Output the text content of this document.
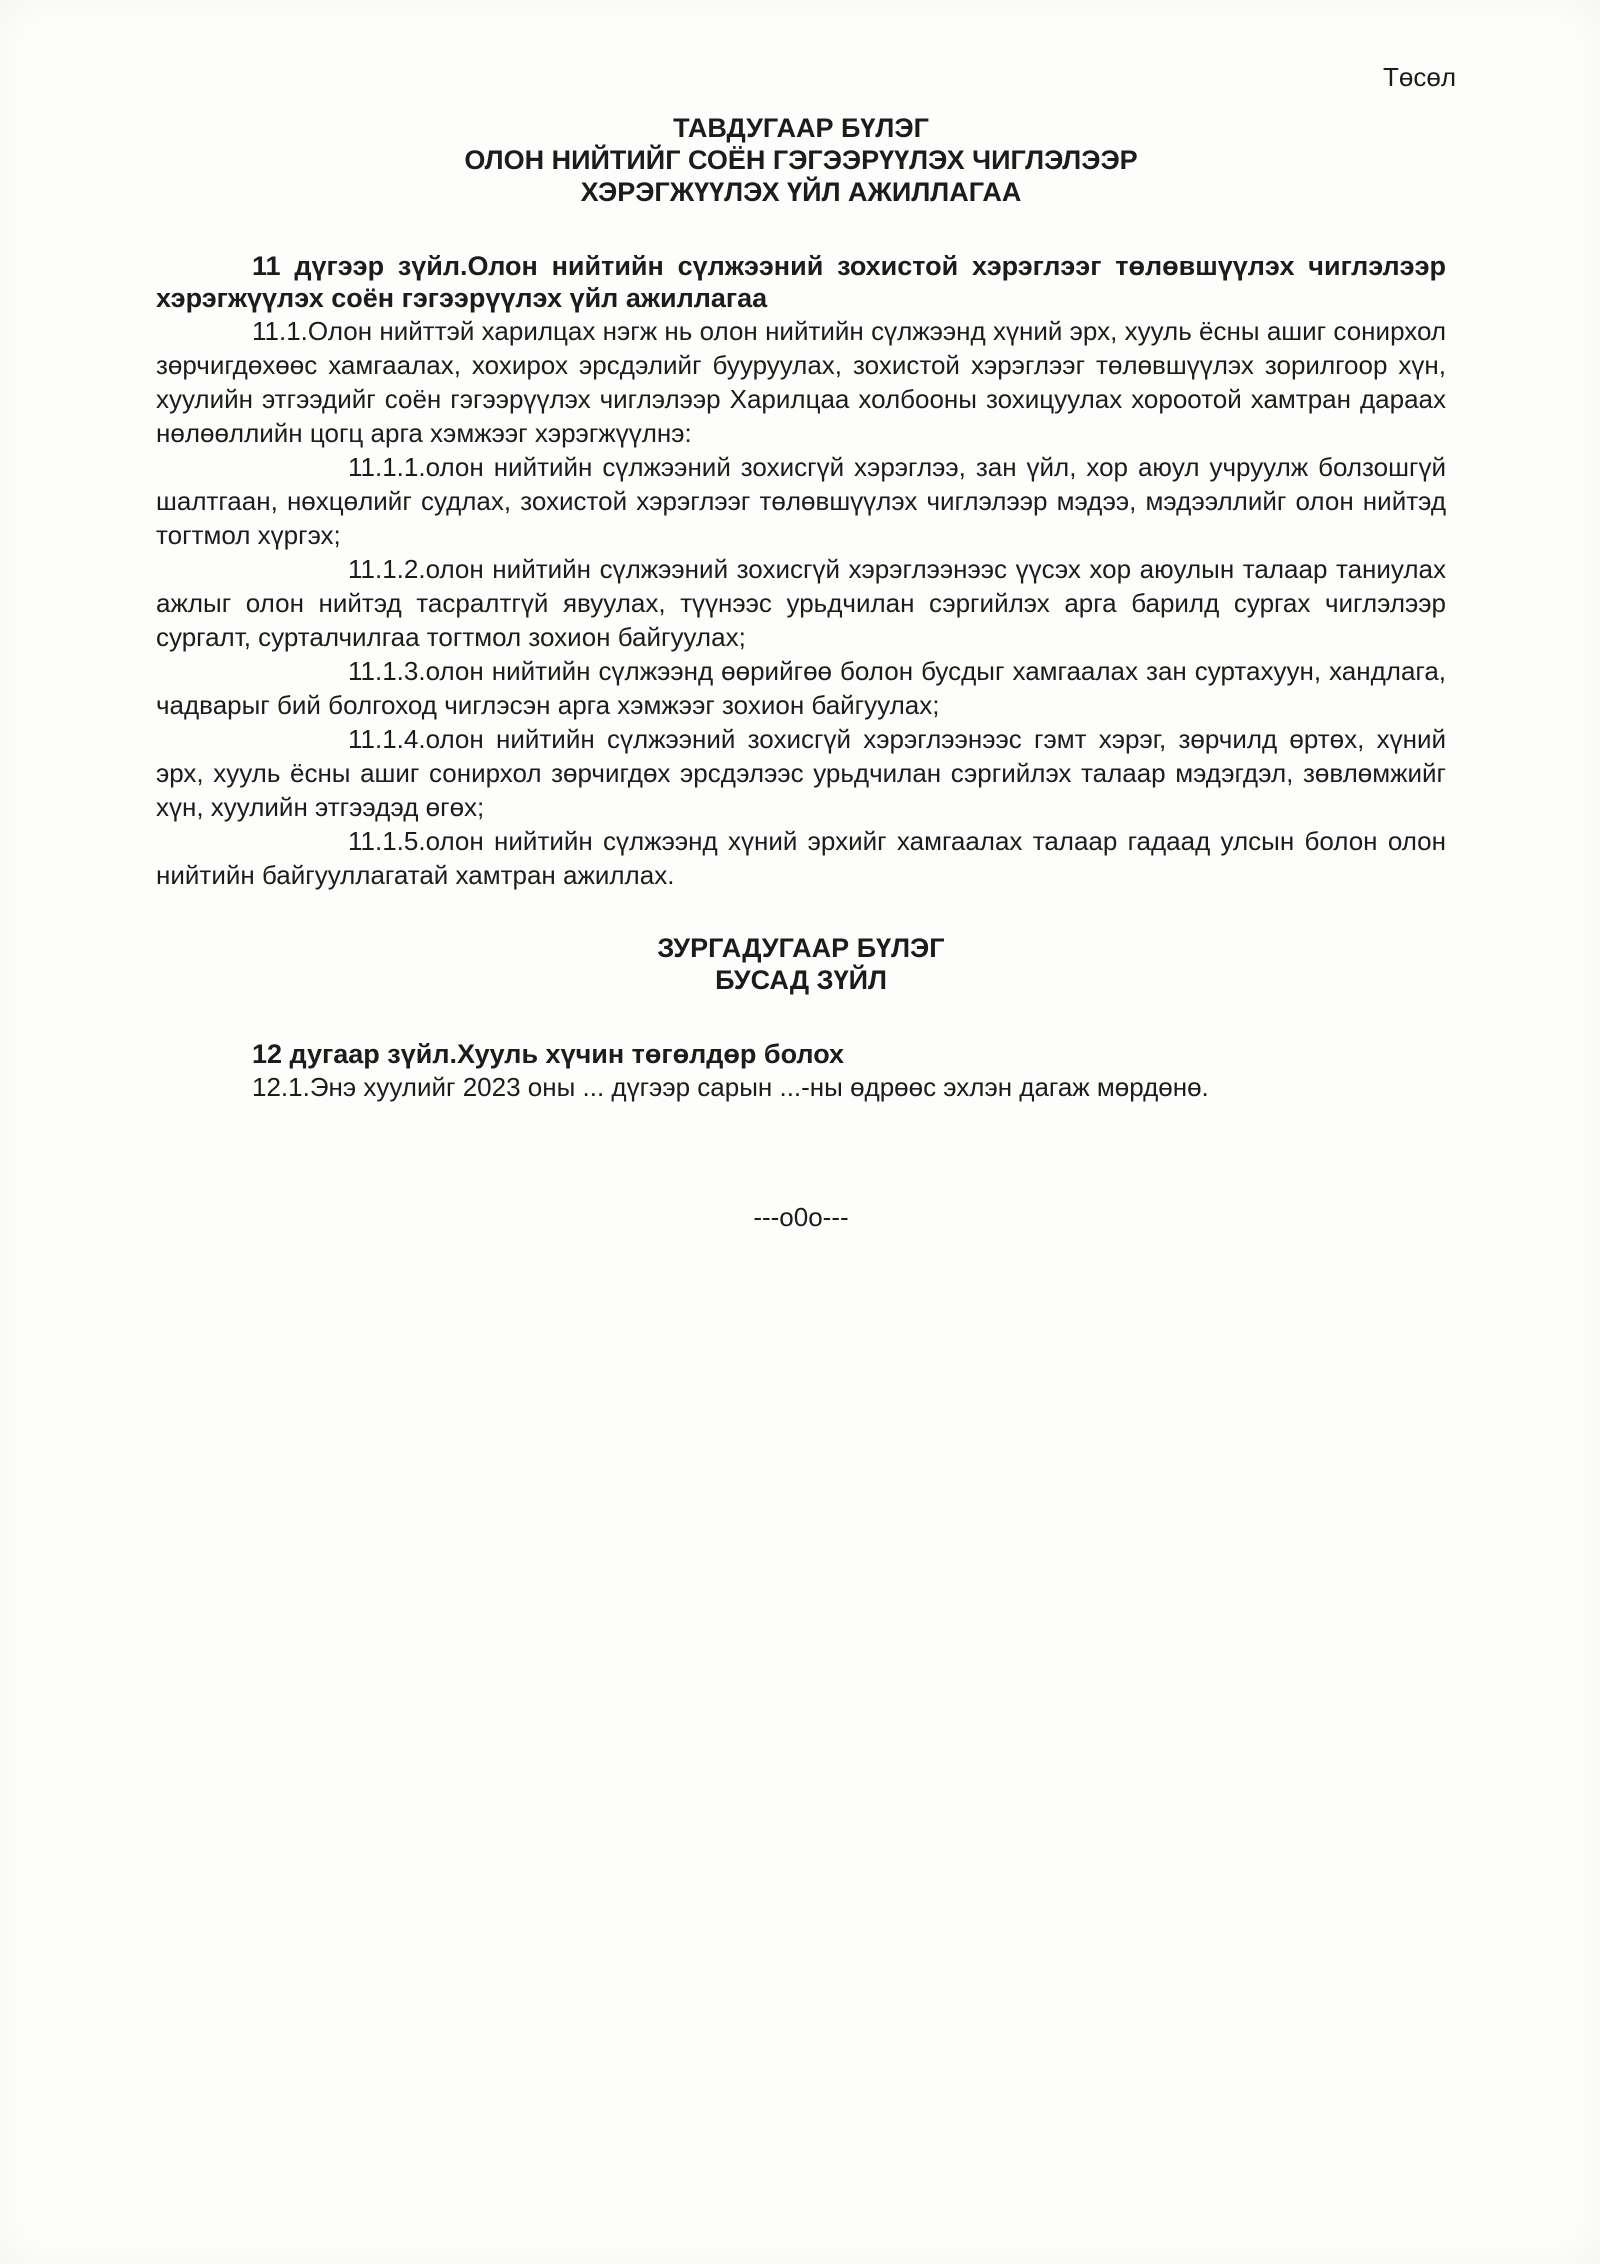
Төсөл
ТАВДУГААР БҮЛЭГ
ОЛОН НИЙТИЙГ СОЁН ГЭГЭЭРҮҮЛЭХ ЧИГЛЭЛЭЭР
ХЭРЭГЖҮҮЛЭХ ҮЙЛ АЖИЛЛАГАА
11 дүгээр зүйл.Олон нийтийн сүлжээний зохистой хэрэглээг төлөвшүүлэх чиглэлээр хэрэгжүүлэх соён гэгээрүүлэх үйл ажиллагаа

11.1.Олон нийттэй харилцах нэгж нь олон нийтийн сүлжээнд хүний эрх, хууль ёсны ашиг сонирхол зөрчигдөхөөс хамгаалах, хохирох эрсдэлийг бууруулах, зохистой хэрэглээг төлөвшүүлэх зорилгоор хүн, хуулийн этгээдийг соён гэгээрүүлэх чиглэлээр Харилцаа холбооны зохицуулах хороотой хамтран дараах нөлөөллийн цогц арга хэмжээг хэрэгжүүлнэ:

11.1.1.олон нийтийн сүлжээний зохисгүй хэрэглээ, зан үйл, хор аюул учруулж болзошгүй шалтгаан, нөхцөлийг судлах, зохистой хэрэглээг төлөвшүүлэх чиглэлээр мэдээ, мэдээллийг олон нийтэд тогтмол хүргэх;

11.1.2.олон нийтийн сүлжээний зохисгүй хэрэглээнээс үүсэх хор аюулын талаар таниулах ажлыг олон нийтэд тасралтгүй явуулах, түүнээс урьдчилан сэргийлэх арга барилд сургах чиглэлээр сургалт, сурталчилгаа тогтмол зохион байгуулах;

11.1.3.олон нийтийн сүлжээнд өөрийгөө болон бусдыг хамгаалах зан суртахуун, хандлага, чадварыг бий болгоход чиглэсэн арга хэмжээг зохион байгуулах;

11.1.4.олон нийтийн сүлжээний зохисгүй хэрэглээнээс гэмт хэрэг, зөрчилд өртөх, хүний эрх, хууль ёсны ашиг сонирхол зөрчигдөх эрсдэлээс урьдчилан сэргийлэх талаар мэдэгдэл, зөвлөмжийг хүн, хуулийн этгээдэд өгөх;

11.1.5.олон нийтийн сүлжээнд хүний эрхийг хамгаалах талаар гадаад улсын болон олон нийтийн байгууллагатай хамтран ажиллах.

ЗУРГАДУГААР БҮЛЭГ
БУСАД ЗҮЙЛ
12 дугаар зүйл.Хууль хүчин төгөлдөр болох

12.1.Энэ хуулийг 2023 оны ... дүгээр сарын ...-ны өдрөөс эхлэн дагаж мөрдөнө.

---o0o---
